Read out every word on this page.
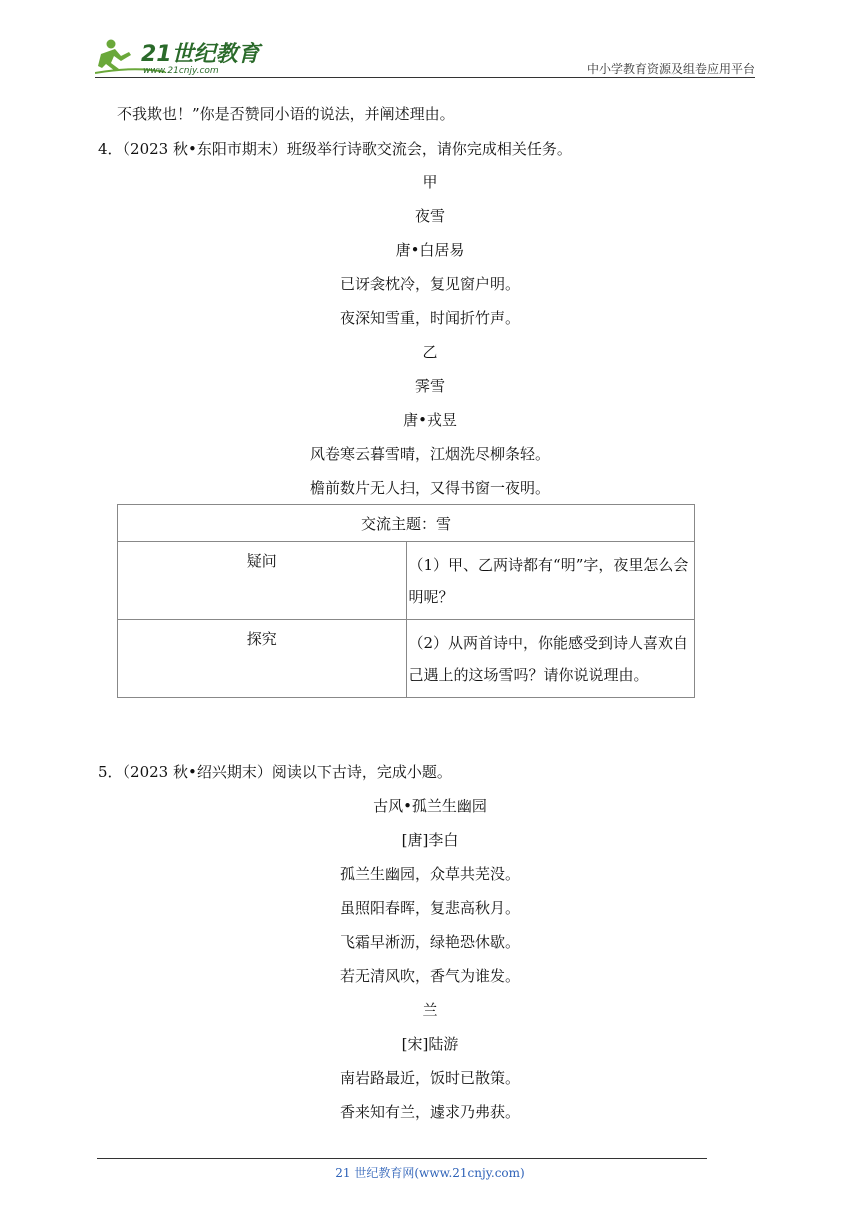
21世纪教育
www.21cnjy.com	中小学教育资源及组卷应用平台
不我欺也！”你是否赞同小语的说法，并阐述理由。
4．（2023 秋•东阳市期末）班级举行诗歌交流会，请你完成相关任务。
甲
夜雪
唐•白居易
已讶衾枕冷，复见窗户明。
夜深知雪重，时闻折竹声。
乙
霁雪
唐•戎昱
风卷寒云暮雪晴，江烟洗尽柳条轻。
檐前数片无人扫，又得书窗一夜明。
交流主题：雪	
疑问	（1）甲、乙两诗都有“明”字，夜里怎么会明呢？
探究	（2）从两首诗中，你能感受到诗人喜欢自己遇上的这场雪吗？请你说说理由。
5．（2023 秋•绍兴期末）阅读以下古诗，完成小题。
古风•孤兰生幽园
[唐]李白
孤兰生幽园，众草共芜没。
虽照阳春晖，复悲高秋月。
飞霜早淅沥，绿艳恐休歇。
若无清风吹，香气为谁发。
兰
[宋]陆游
南岩路最近，饭时已散策。
香来知有兰，遽求乃弗获。
21 世纪教育网(www.21cnjy.com)
